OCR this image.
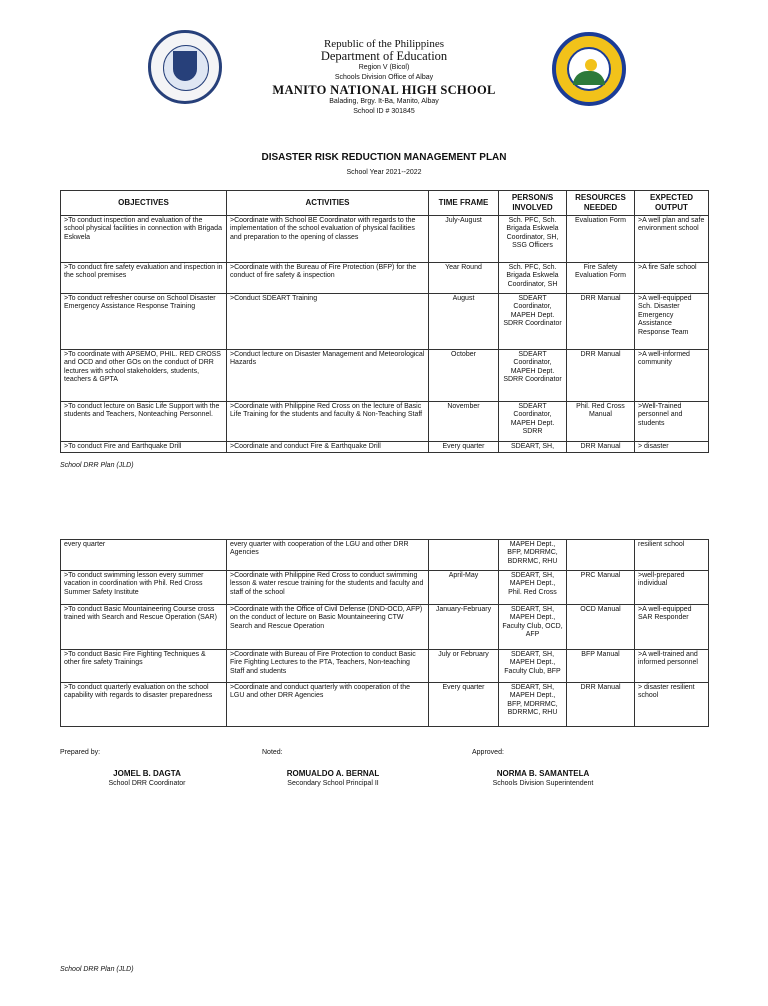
Republic of the Philippines
Department of Education
Region V (Bicol)
Schools Division Office of Albay
MANITO NATIONAL HIGH SCHOOL
Balading, Brgy. It-Ba, Manito, Albay
School ID # 301845
DISASTER RISK REDUCTION MANAGEMENT PLAN
School Year 2021--2022
OBJECTIVES	ACTIVITIES	TIME FRAME	PERSON/S INVOLVED	RESOURCES NEEDED	EXPECTED OUTPUT
>To conduct inspection and evaluation of the school physical facilities in connection with Brigada Eskwela	>Coordinate with School BE Coordinator with regards to the implementation of the school evaluation of physical facilities and preparation to the opening of classes	July-August	Sch. PFC, Sch. Brigada Eskwela Coordinator, SH, SSG Officers	Evaluation Form	>A well plan and safe environment school
>To conduct fire safety evaluation and inspection in the school premises	>Coordinate with the Bureau of Fire Protection (BFP) for the conduct of fire safety & inspection	Year Round	Sch. PFC, Sch. Brigada Eskwela Coordinator, SH	Fire Safety Evaluation Form	>A fire Safe school
>To conduct refresher course on School Disaster Emergency Assistance Response Training	>Conduct SDEART Training	August	SDEART Coordinator, MAPEH Dept. SDRR Coordinator	DRR Manual	>A well-equipped Sch. Disaster Emergency Assistance Response Team
>To coordinate with APSEMO, PHIL. RED CROSS and OCD and other GOs on the conduct of DRR lectures with school stakeholders, students, teachers & GPTA	>Conduct lecture on Disaster Management and Meteorological Hazards	October	SDEART Coordinator, MAPEH Dept. SDRR Coordinator	DRR Manual	>A well-informed community
>To conduct lecture on Basic Life Support with the students and Teachers, Nonteaching Personnel.	>Coordinate with Philippine Red Cross on the lecture of Basic Life Training for the students and faculty & Non-Teaching Staff	November	SDEART Coordinator, MAPEH Dept. SDRR	Phil. Red Cross Manual	>Well-Trained personnel and students
>To conduct Fire and Earthquake Drill	>Coordinate and conduct Fire & Earthquake Drill	Every quarter	SDEART, SH,	DRR Manual	> disaster
School DRR Plan (JLD)
every quarter	every quarter with cooperation of the LGU and other DRR Agencies		MAPEH Dept., BFP, MDRRMC, BDRRMC, RHU		resilient school
>To conduct swimming lesson every summer vacation in coordination with Phil. Red Cross Summer Safety Institute	>Coordinate with Philippine Red Cross to conduct swimming lesson & water rescue training for the students and faculty and staff of the school	April-May	SDEART, SH, MAPEH Dept., Phil. Red Cross	PRC Manual	>well-prepared individual
>To conduct Basic Mountaineering Course cross trained with Search and Rescue Operation (SAR)	>Coordinate with the Office of Civil Defense (DND-OCD, AFP) on the conduct of lecture on Basic Mountaineering CTW Search and Rescue Operation	January-February	SDEART, SH, MAPEH Dept., Faculty Club, OCD, AFP	OCD Manual	>A well-equipped SAR Responder
>To conduct Basic Fire Fighting Techniques & other fire safety Trainings	>Coordinate with Bureau of Fire Protection to conduct Basic Fire Fighting Lectures to the PTA, Teachers, Non-teaching Staff and students	July or February	SDEART, SH, MAPEH Dept., Faculty Club, BFP	BFP Manual	>A well-trained and informed personnel
>To conduct quarterly evaluation on the school capability with regards to disaster preparedness	>Coordinate and conduct quarterly with cooperation of the LGU and other DRR Agencies	Every quarter	SDEART, SH, MAPEH Dept., BFP, MDRRMC, BDRRMC, RHU	DRR Manual	> disaster resilient school
Prepared by:	Noted:	Approved:
JOMEL B. DAGTA
School DRR Coordinator
ROMUALDO A. BERNAL
Secondary School Principal II
NORMA B. SAMANTELA
Schools Division Superintendent
School DRR Plan (JLD)
